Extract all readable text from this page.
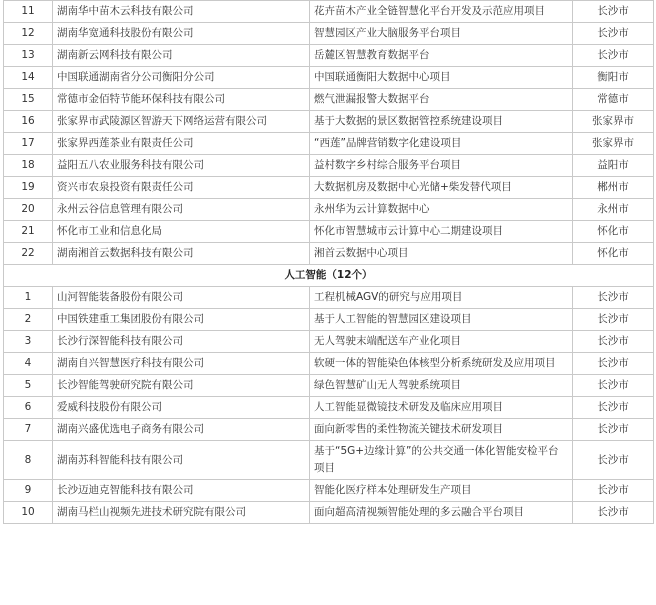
11	湖南华中苗木云科技有限公司	花卉苗木产业全链智慧化平台开发及示范应用项目	长沙市
12	湖南华宽通科技股份有限公司	智慧园区产业大脑服务平台项目	长沙市
13	湖南新云网科技有限公司	岳麓区智慧教育数据平台	长沙市
14	中国联通湖南省分公司衡阳分公司	中国联通衡阳大数据中心项目	衡阳市
15	常德市金佰特节能环保科技有限公司	燃气泄漏报警大数据平台	常德市
16	张家界市武陵源区智游天下网络运营有限公司	基于大数据的景区数据管控系统建设项目	张家界市
17	张家界西莲茶业有限责任公司	“西莲”品牌营销数字化建设项目	张家界市
18	益阳五八农业服务科技有限公司	益村数字乡村综合服务平台项目	益阳市
19	资兴市农泉投资有限责任公司	大数据机房及数据中心光储+柴发替代项目	郴州市
20	永州云谷信息管理有限公司	永州华为云计算数据中心	永州市
21	怀化市工业和信息化局	怀化市智慧城市云计算中心二期建设项目	怀化市
22	湖南湘首云数据科技有限公司	湘首云数据中心项目	怀化市
人工智能（12个）			
1	山河智能装备股份有限公司	工程机械AGV的研究与应用项目	长沙市
2	中国铁建重工集团股份有限公司	基于人工智能的智慧园区建设项目	长沙市
3	长沙行深智能科技有限公司	无人驾驶末端配送车产业化项目	长沙市
4	湖南自兴智慧医疗科技有限公司	软硬一体的智能染色体核型分析系统研发及应用项目	长沙市
5	长沙智能驾驶研究院有限公司	绿色智慧矿山无人驾驶系统项目	长沙市
6	爱威科技股份有限公司	人工智能显微镜技术研发及临床应用项目	长沙市
7	湖南兴盛优选电子商务有限公司	面向新零售的柔性物流关键技术研发项目	长沙市
8	湖南苏科智能科技有限公司	基于“5G+边缘计算”的公共交通一体化智能安检平台项目	长沙市
9	长沙迈迪克智能科技有限公司	智能化医疗样本处理研发生产项目	长沙市
10	湖南马栏山视频先进技术研究院有限公司	面向超高清视频智能处理的多云融合平台项目	长沙市
